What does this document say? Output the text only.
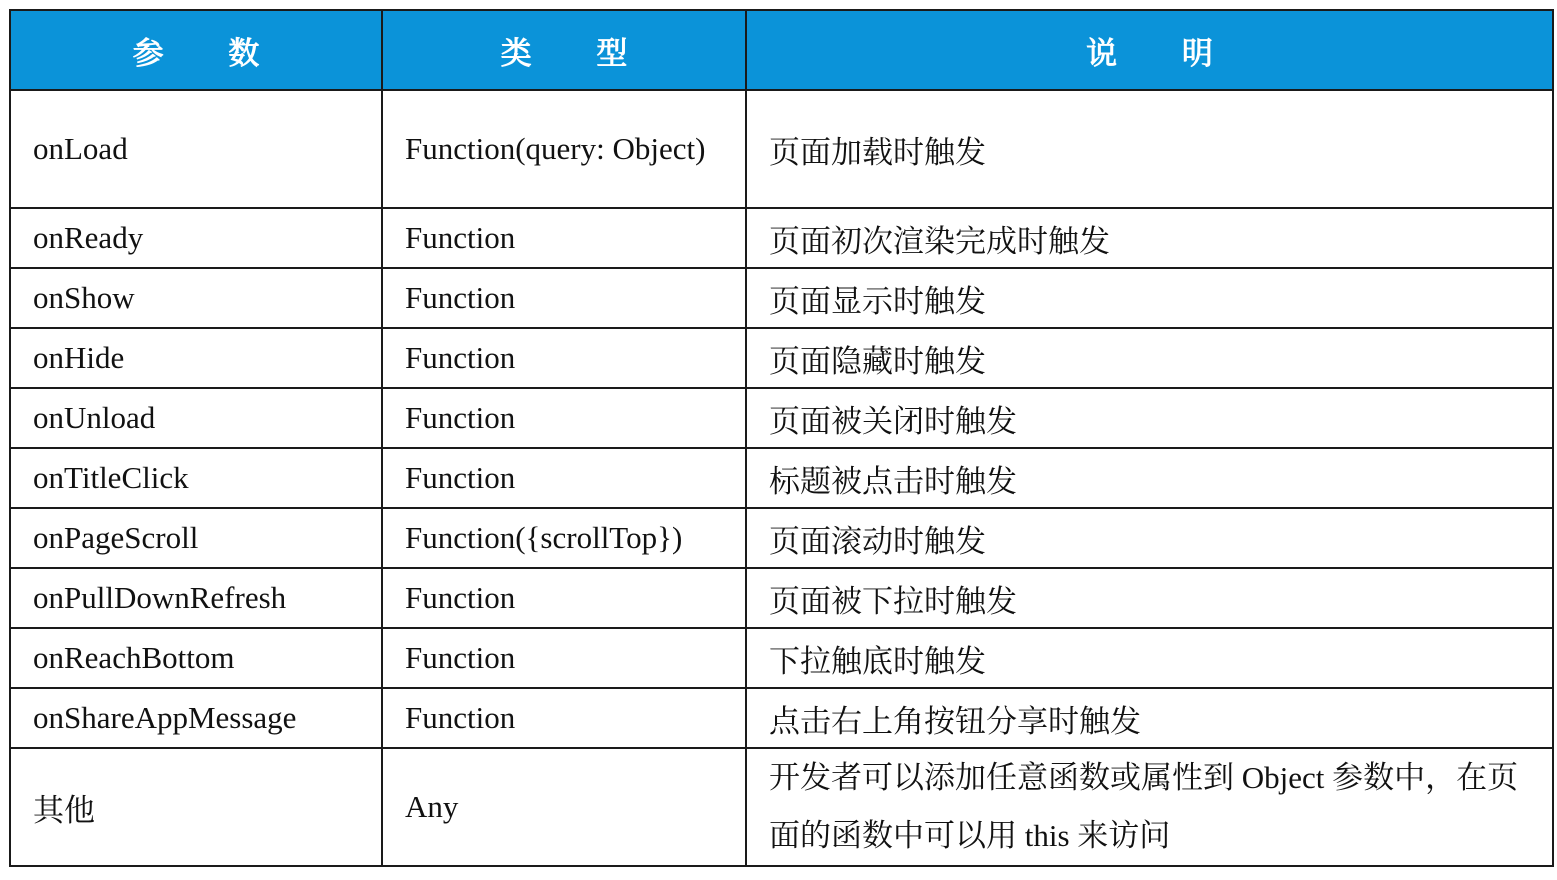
参      数	类      型	说      明
onLoad	Function(query: Object)	页面加载时触发
onReady	Function	页面初次渲染完成时触发
onShow	Function	页面显示时触发
onHide	Function	页面隐藏时触发
onUnload	Function	页面被关闭时触发
onTitleClick	Function	标题被点击时触发
onPageScroll	Function({scrollTop})	页面滚动时触发
onPullDownRefresh	Function	页面被下拉时触发
onReachBottom	Function	下拉触底时触发
onShareAppMessage	Function	点击右上角按钮分享时触发
其他	Any	开发者可以添加任意函数或属性到 Object 参数中，在页面的函数中可以用 this 来访问
